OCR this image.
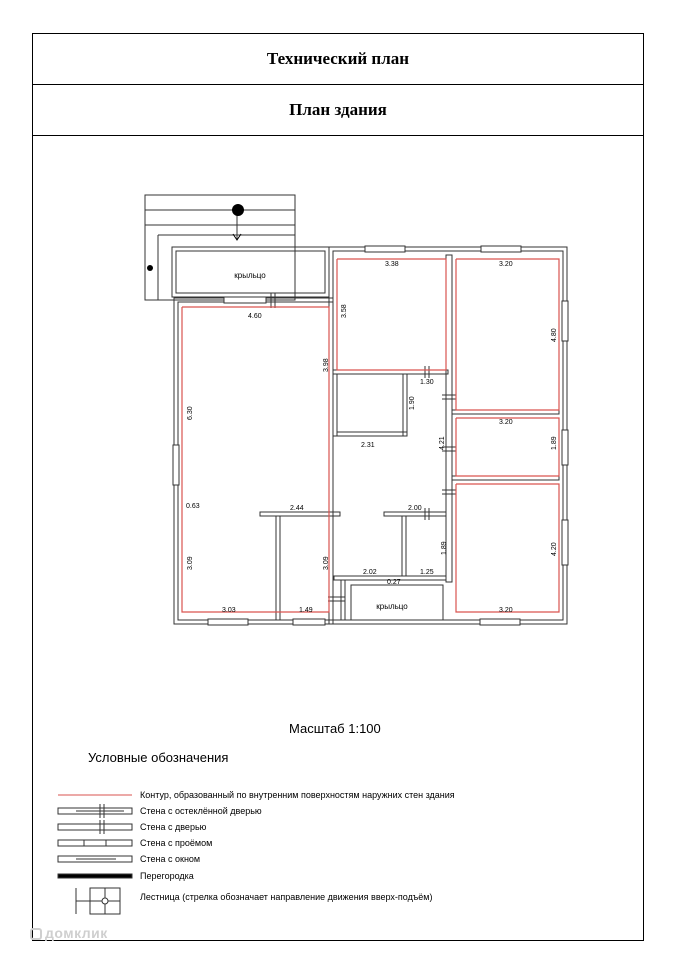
Технический план
План здания
крыльцо
крыльцо
4.60
3.38
3.58
3.98
1.30
1.90
2.31	4.21
3.20
4.80
3.20
1.89
6.30
0.63	2.44	2.00
1.89	4.20
3.09	3.09
2.02
0.27
1.25
3.03	1.49	3.20
Масштаб 1:100
Условные обозначения
Контур, образованный по внутренним поверхностям наружних стен здания
Стена с остеклённой дверью
Стена с дверью
Стена с проёмом
Стена с окном
Перегородка
Лестница (стрелка обозначает направление движения вверх-подъём)
домклик
